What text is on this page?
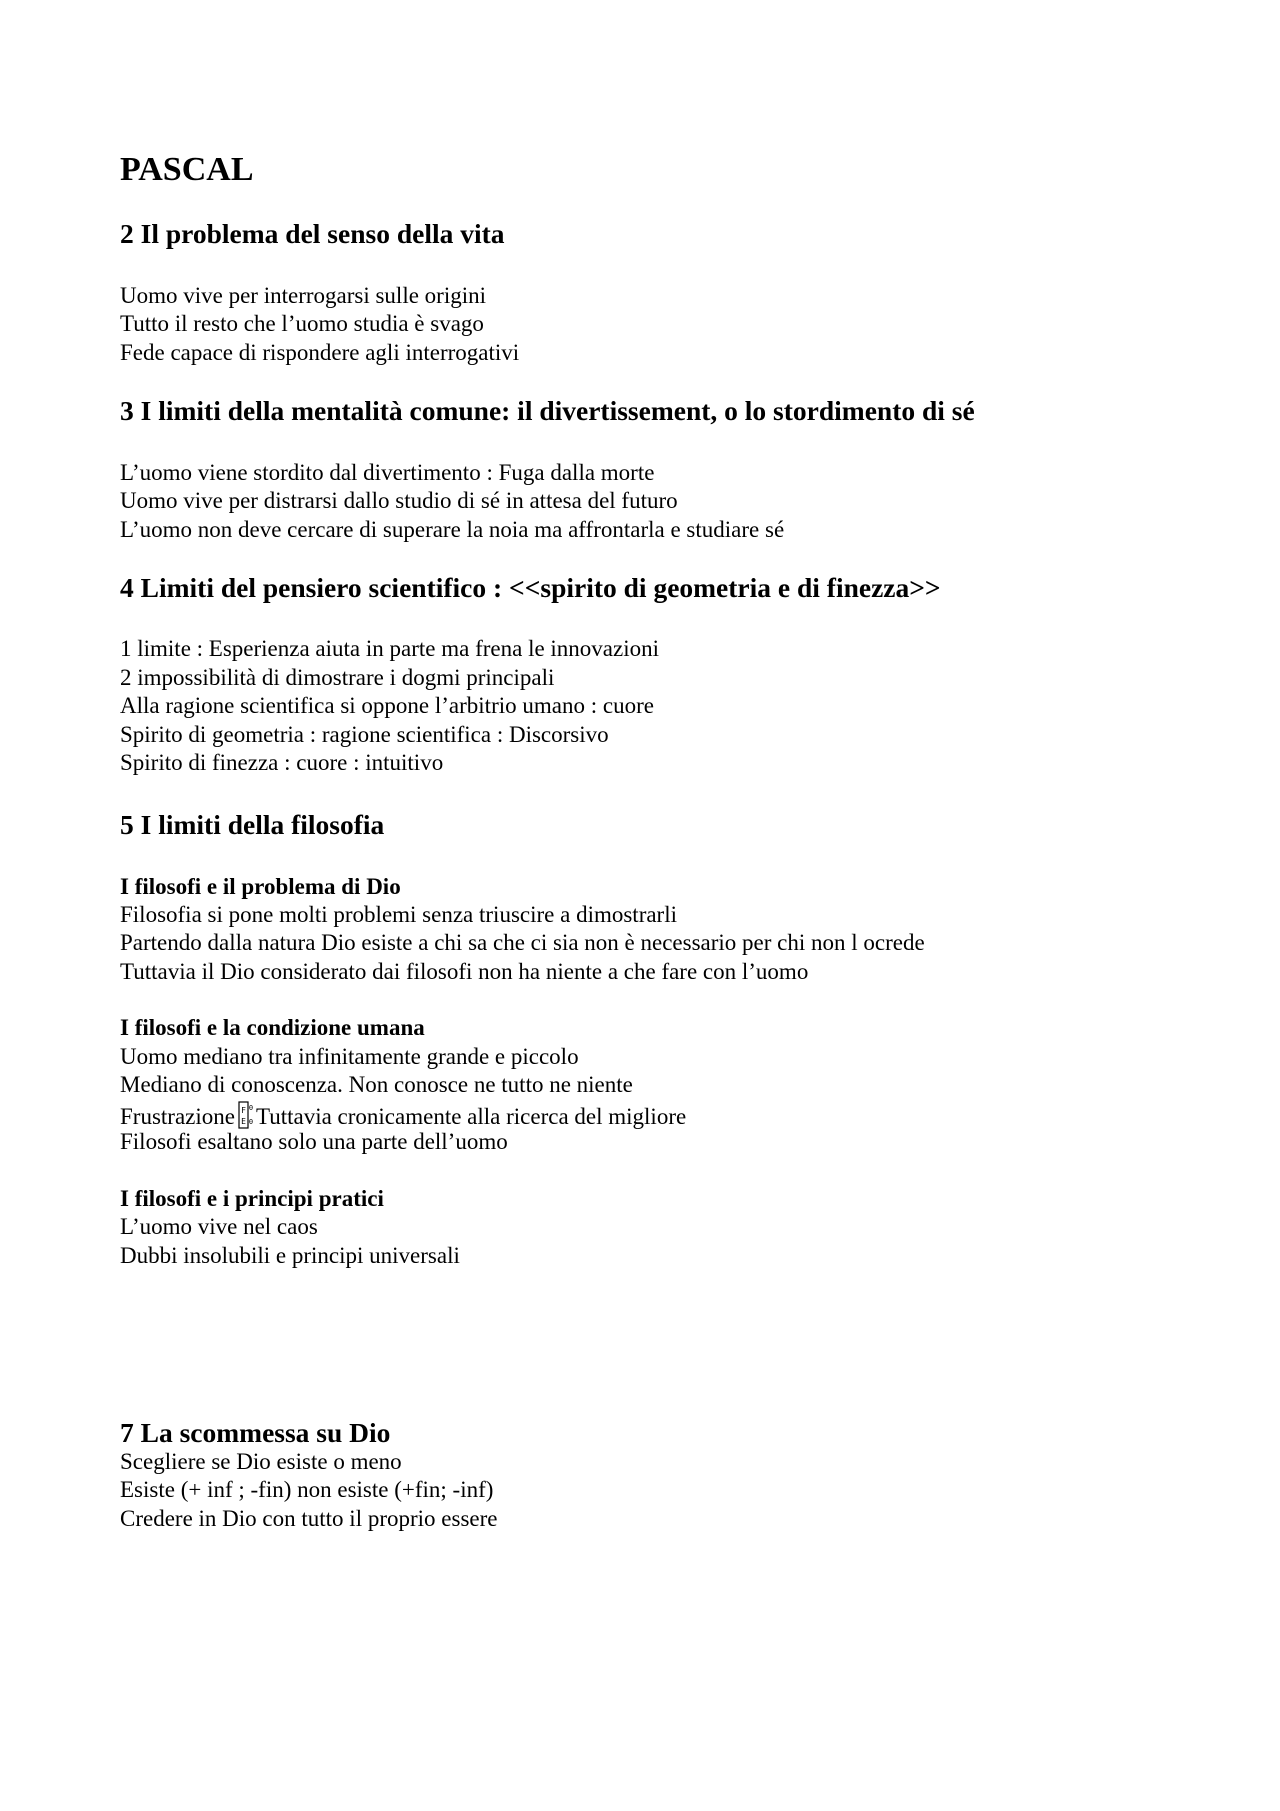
PASCAL
2 Il problema del senso della vita
Uomo vive per interrogarsi sulle origini
Tutto il resto che l’uomo studia è svago
Fede capace di rispondere agli interrogativi
3 I limiti della mentalità comune: il divertissement, o lo stordimento di sé
L’uomo viene stordito dal divertimento : Fuga dalla morte
Uomo vive per distrarsi dallo studio di sé in attesa del futuro
L’uomo non deve cercare di superare la noia ma affrontarla e studiare sé
4 Limiti del pensiero scientifico : <<spirito di geometria e di finezza>>
1 limite : Esperienza aiuta in parte ma frena le innovazioni
2 impossibilità di dimostrare i dogmi principali
Alla ragione scientifica si oppone l’arbitrio umano : cuore
Spirito di geometria : ragione scientifica : Discorsivo
Spirito di finezza : cuore : intuitivo
5 I limiti della filosofia
I filosofi e il problema di Dio
Filosofia si pone molti problemi senza triuscire a dimostrarli
Partendo dalla natura Dio esiste a chi sa che ci sia non è necessario per chi non l ocrede
Tuttavia il Dio considerato dai filosofi non ha niente a che fare con l’uomo
I filosofi e la condizione umana
Uomo mediano tra infinitamente grande e piccolo
Mediano di conoscenza. Non conosce ne tutto ne niente
Frustrazione F
E
0
0 Tuttavia cronicamente alla ricerca del migliore
Filosofi esaltano solo una parte dell’uomo
I filosofi e i principi pratici
L’uomo vive nel caos
Dubbi insolubili e principi universali
7 La scommessa su Dio
Scegliere se Dio esiste o meno
Esiste (+ inf ; -fin) non esiste (+fin; -inf)
Credere in Dio con tutto il proprio essere
